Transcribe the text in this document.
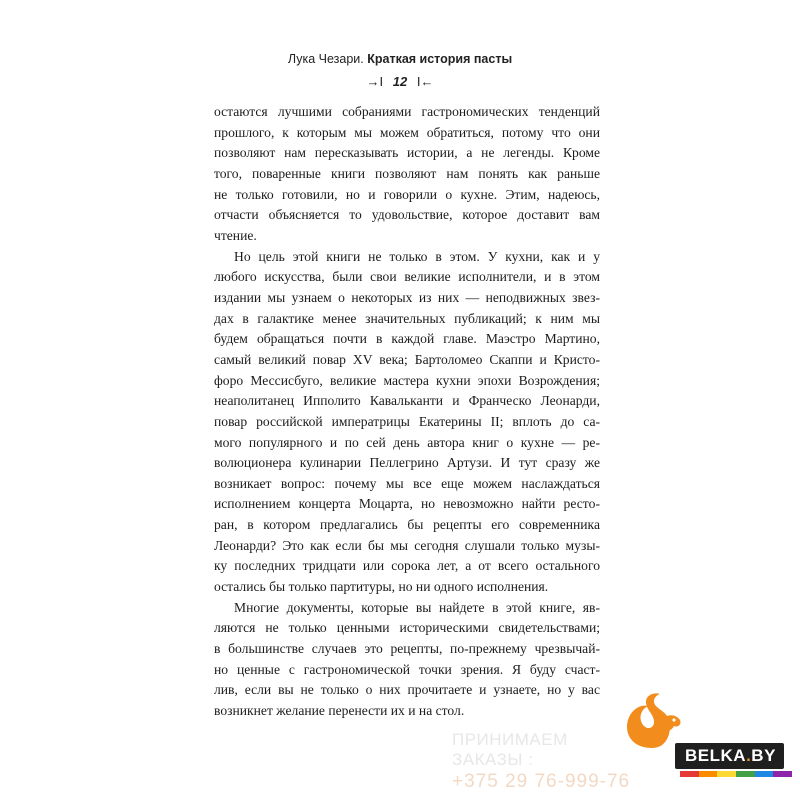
Лука Чезари. Краткая история пасты
→I 12 I←
остаются лучшими собраниями гастрономических тенденций
прошлого, к которым мы можем обратиться, потому что они
позволяют нам пересказывать истории, а не легенды. Кроме
того, поваренные книги позволяют нам понять как раньше
не только готовили, но и говорили о кухне. Этим, надеюсь,
отчасти объясняется то удовольствие, которое доставит вам
чтение.
Но цель этой книги не только в этом. У кухни, как и у
любого искусства, были свои великие исполнители, и в этом
издании мы узнаем о некоторых из них — неподвижных звез-
дах в галактике менее значительных публикаций; к ним мы
будем обращаться почти в каждой главе. Маэстро Мартино,
самый великий повар XV века; Бартоломео Скаппи и Кристо-
форо Мессисбуго, великие мастера кухни эпохи Возрождения;
неаполитанец Ипполито Кавальканти и Франческо Леонарди,
повар российской императрицы Екатерины II; вплоть до са-
мого популярного и по сей день автора книг о кухне — ре-
волюционера кулинарии Пеллегрино Артузи. И тут сразу же
возникает вопрос: почему мы все еще можем наслаждаться
исполнением концерта Моцарта, но невозможно найти рестo-
ран, в котором предлагались бы рецепты его современника
Леонарди? Это как если бы мы сегодня слушали только музы-
ку последних тридцати или сорока лет, а от всего остального
остались бы только партитуры, но ни одного исполнения.
Многие документы, которые вы найдете в этой книге, яв-
ляются не только ценными историческими свидетельствами;
в большинстве случаев это рецепты, по-прежнему чрезвычай-
но ценные с гастрономической точки зрения. Я буду счаст-
лив, если вы не только о них прочитаете и узнаете, но у вас
возникнет желание перенести их и на стол.
ПРИНИМАЕМ ЗАКАЗЫ :
+375 29 76-999-76
BELKA.BY
